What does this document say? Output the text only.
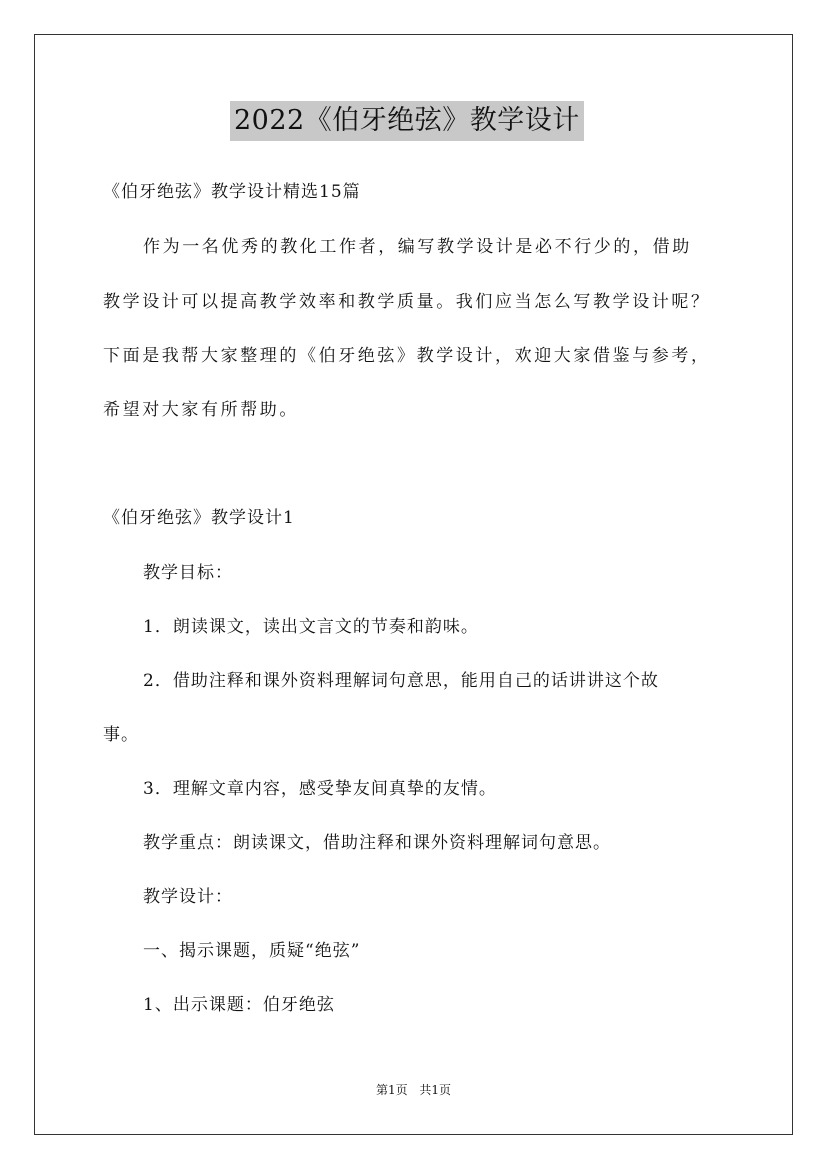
2022《伯牙绝弦》教学设计
《伯牙绝弦》教学设计精选15篇
作为一名优秀的教化工作者，编写教学设计是必不行少的，借助
教学设计可以提高教学效率和教学质量。我们应当怎么写教学设计呢？
下面是我帮大家整理的《伯牙绝弦》教学设计，欢迎大家借鉴与参考，
希望对大家有所帮助。
《伯牙绝弦》教学设计1
教学目标：
1．朗读课文，读出文言文的节奏和韵味。
2．借助注释和课外资料理解词句意思，能用自己的话讲讲这个故
事。
3．理解文章内容，感受挚友间真挚的友情。
教学重点：朗读课文，借助注释和课外资料理解词句意思。
教学设计：
一、揭示课题，质疑“绝弦”
1、出示课题：伯牙绝弦
第1页 共1页
